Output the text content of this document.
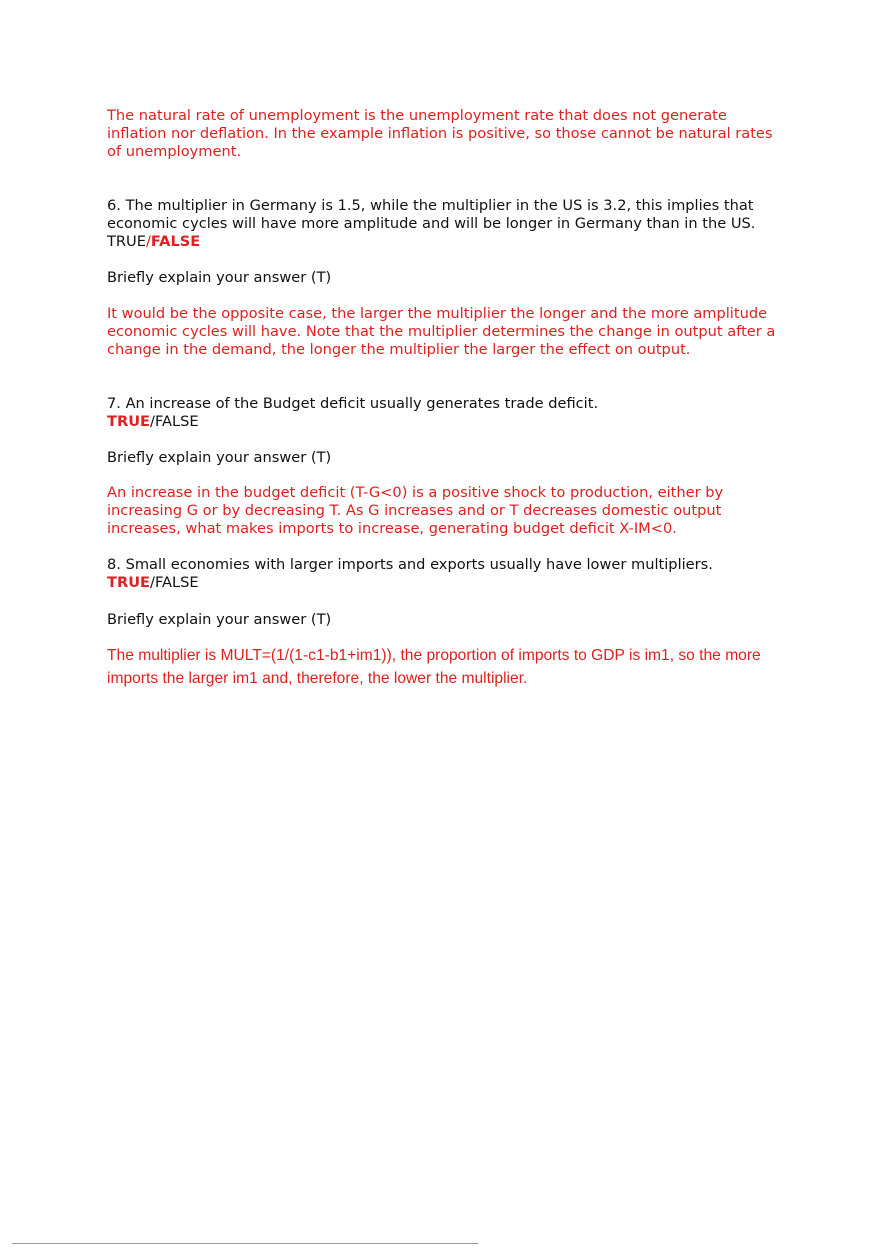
The natural rate of unemployment is the unemployment rate that does not generate inflation nor deflation. In the example inflation is positive, so those cannot be natural rates of unemployment.

6. The multiplier in Germany is 1.5, while the multiplier in the US is 3.2, this implies that economic cycles will have more amplitude and will be longer in Germany than in the US.
TRUE/FALSE

Briefly explain your answer (T)

It would be the opposite case, the larger the multiplier the longer and the more amplitude economic cycles will have. Note that the multiplier determines the change in output after a change in the demand, the longer the multiplier the larger the effect on output.

7. An increase of the Budget deficit usually generates trade deficit.
TRUE/FALSE

Briefly explain your answer (T)

An increase in the budget deficit (T-G<0) is a positive shock to production, either by increasing G or by decreasing T. As G increases and or T decreases domestic output increases, what makes imports to increase, generating budget deficit X-IM<0.

8. Small economies with larger imports and exports usually have lower multipliers.
TRUE/FALSE

Briefly explain your answer (T)

The multiplier is MULT=(1/(1-c1-b1+im1)), the proportion of imports to GDP is im1, so the more imports the larger im1 and, therefore, the lower the multiplier.
